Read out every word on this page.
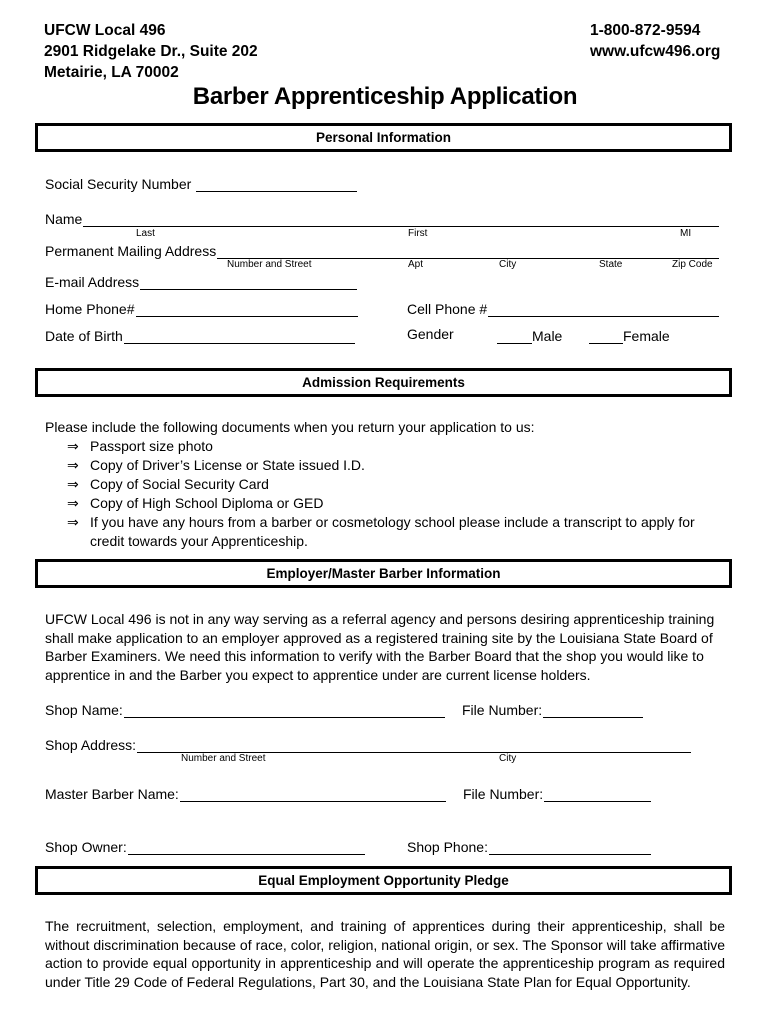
UFCW Local 496
2901 Ridgelake Dr., Suite 202
Metairie, LA 70002
1-800-872-9594
www.ufcw496.org
Barber Apprenticeship Application
Personal Information
Social Security Number
Name
Last	First	MI
Permanent Mailing Address
Number and Street	Apt	City	State	Zip Code
E-mail Address
Home Phone#	Cell Phone #
Date of Birth	Gender	Male	Female
Admission Requirements
Please include the following documents when you return your application to us:
⇒ Passport size photo
⇒ Copy of Driver’s License or State issued I.D.
⇒ Copy of Social Security Card
⇒ Copy of High School Diploma or GED
⇒ If you have any hours from a barber or cosmetology school please include a transcript to apply for credit towards your Apprenticeship.
Employer/Master Barber Information
UFCW Local 496 is not in any way serving as a referral agency and persons desiring apprenticeship training shall make application to an employer approved as a registered training site by the Louisiana State Board of Barber Examiners. We need this information to verify with the Barber Board that the shop you would like to apprentice in and the Barber you expect to apprentice under are current license holders.
Shop Name:	File Number:
Shop Address:
Number and Street	City
Master Barber Name:	File Number:
Shop Owner:	Shop Phone:
Equal Employment Opportunity Pledge
The recruitment, selection, employment, and training of apprentices during their apprenticeship, shall be without discrimination because of race, color, religion, national origin, or sex. The Sponsor will take affirmative action to provide equal opportunity in apprenticeship and will operate the apprenticeship program as required under Title 29 Code of Federal Regulations, Part 30, and the Louisiana State Plan for Equal Opportunity.
